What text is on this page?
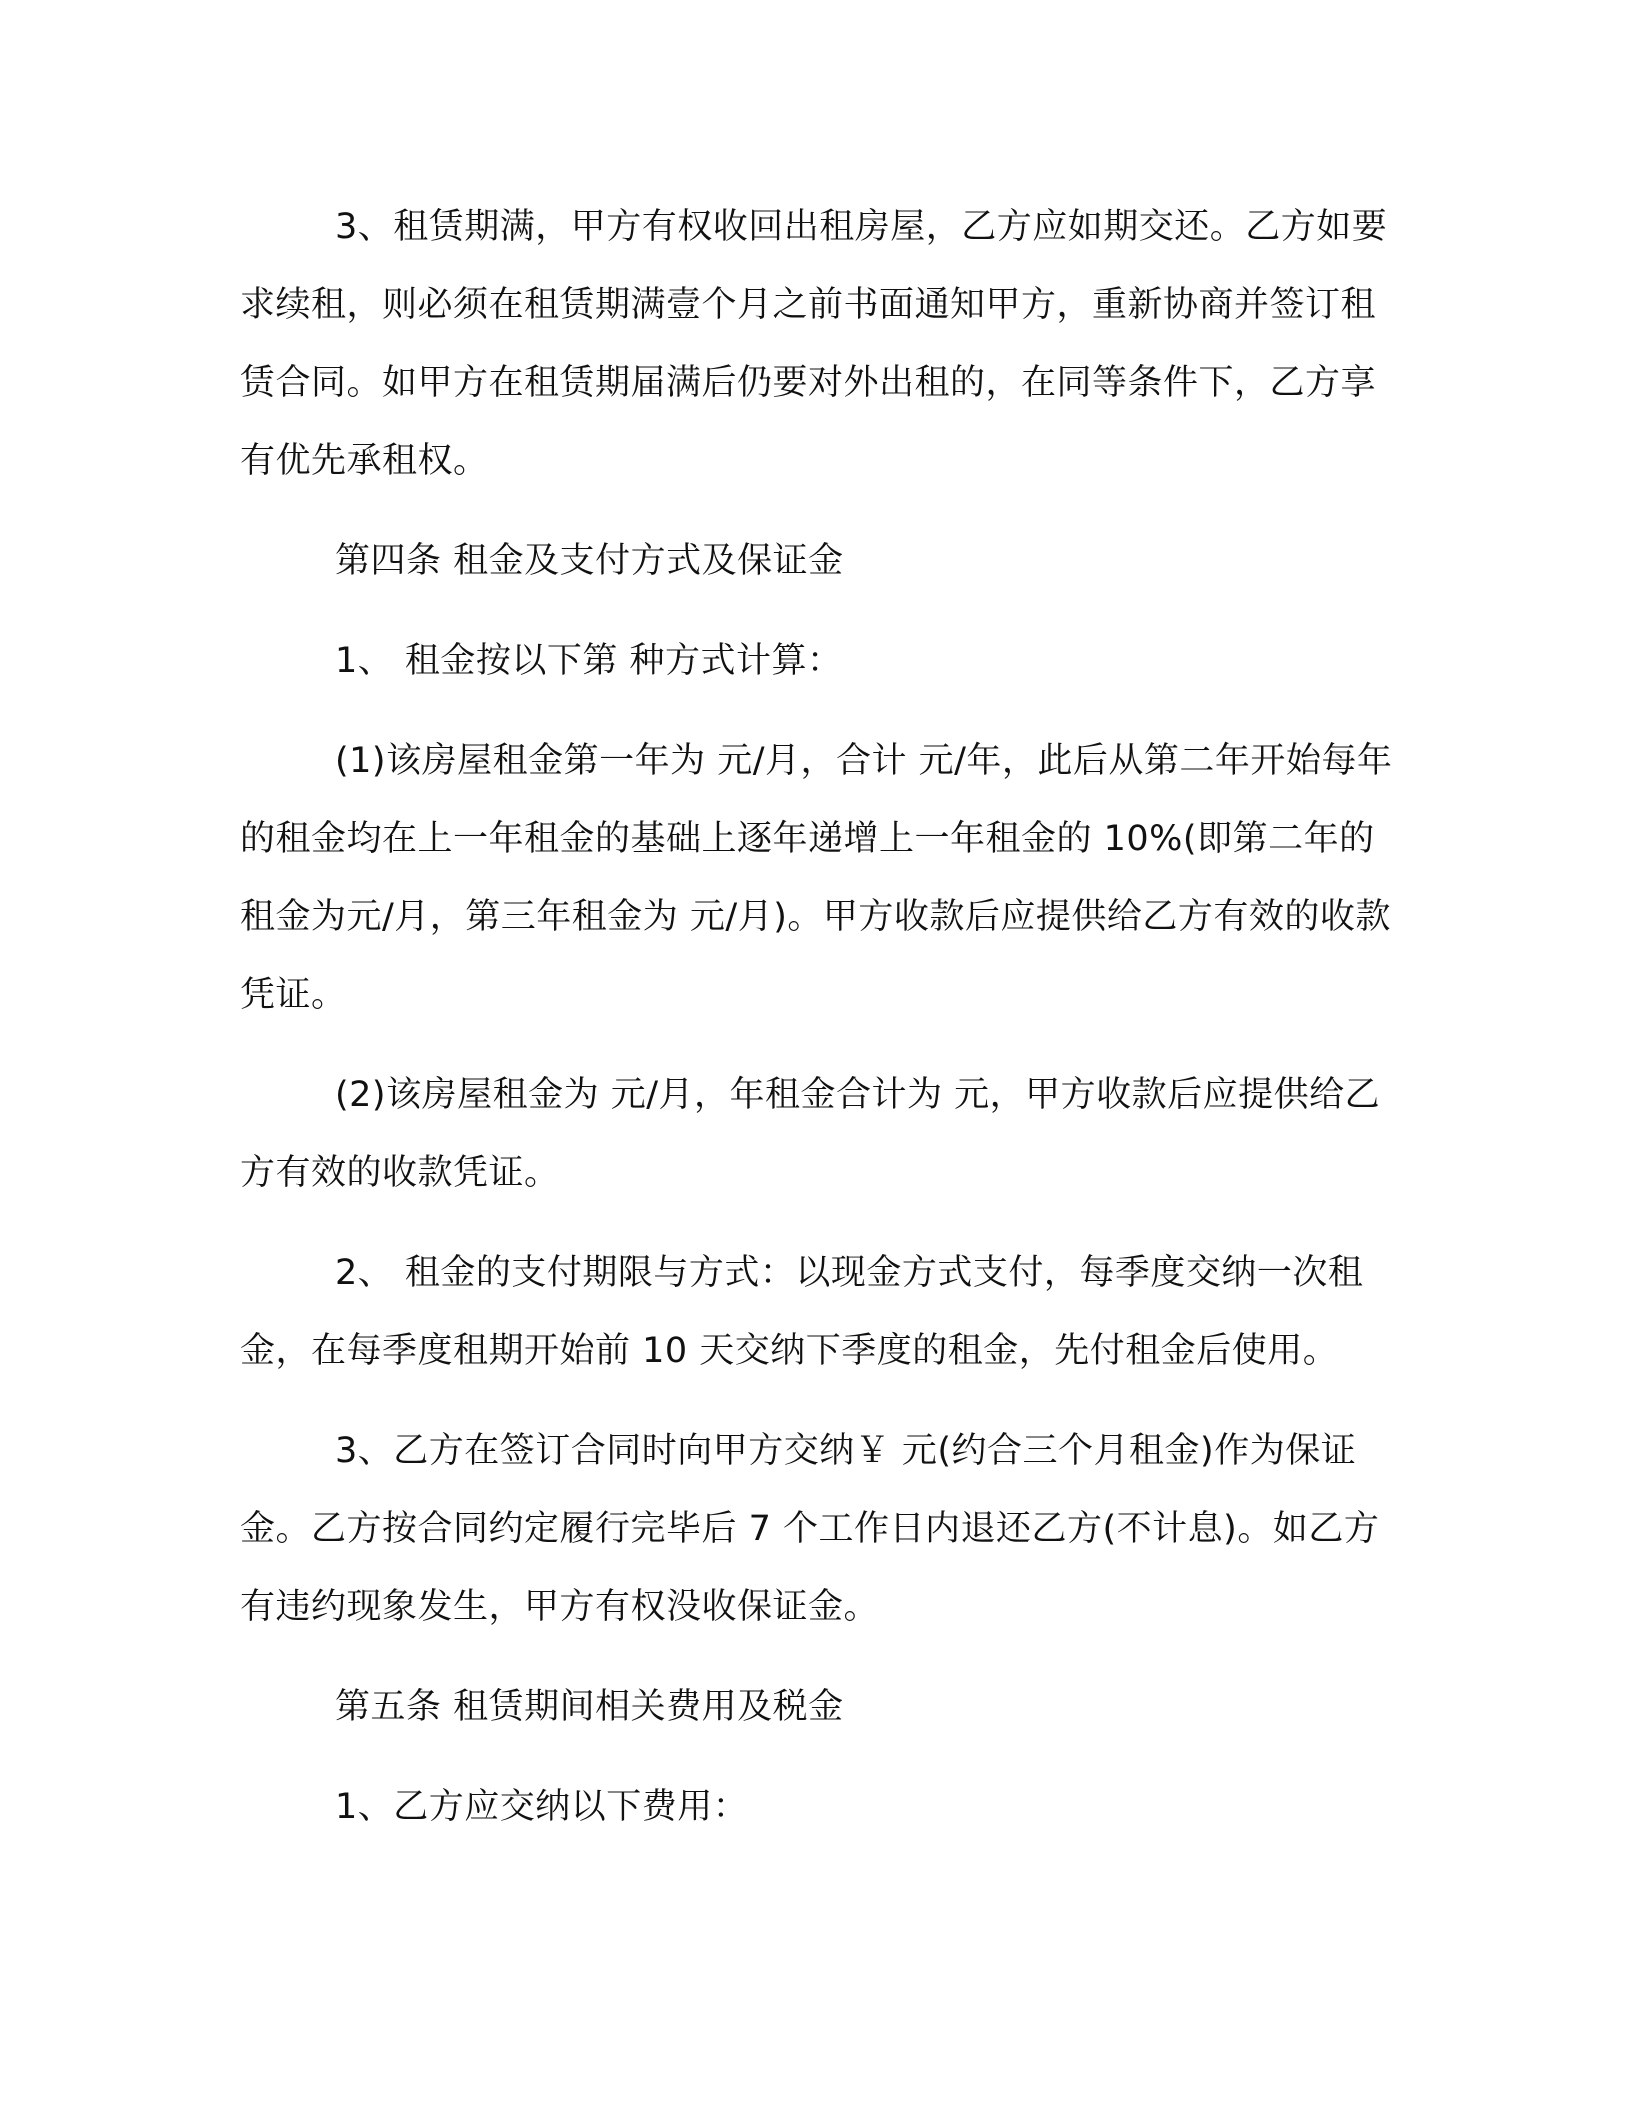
3、租赁期满，甲方有权收回出租房屋，乙方应如期交还。乙方如要求续租，则必须在租赁期满壹个月之前书面通知甲方，重新协商并签订租赁合同。如甲方在租赁期届满后仍要对外出租的，在同等条件下，乙方享有优先承租权。

第四条 租金及支付方式及保证金

1、 租金按以下第 种方式计算：

(1)该房屋租金第一年为 元/月，合计 元/年，此后从第二年开始每年的租金均在上一年租金的基础上逐年递增上一年租金的 10%(即第二年的租金为元/月，第三年租金为 元/月)。甲方收款后应提供给乙方有效的收款凭证。

(2)该房屋租金为 元/月，年租金合计为 元，甲方收款后应提供给乙方有效的收款凭证。

2、 租金的支付期限与方式：以现金方式支付，每季度交纳一次租金，在每季度租期开始前 10 天交纳下季度的租金，先付租金后使用。

3、乙方在签订合同时向甲方交纳￥ 元(约合三个月租金)作为保证金。乙方按合同约定履行完毕后 7 个工作日内退还乙方(不计息)。如乙方有违约现象发生，甲方有权没收保证金。

第五条 租赁期间相关费用及税金

1、乙方应交纳以下费用：
